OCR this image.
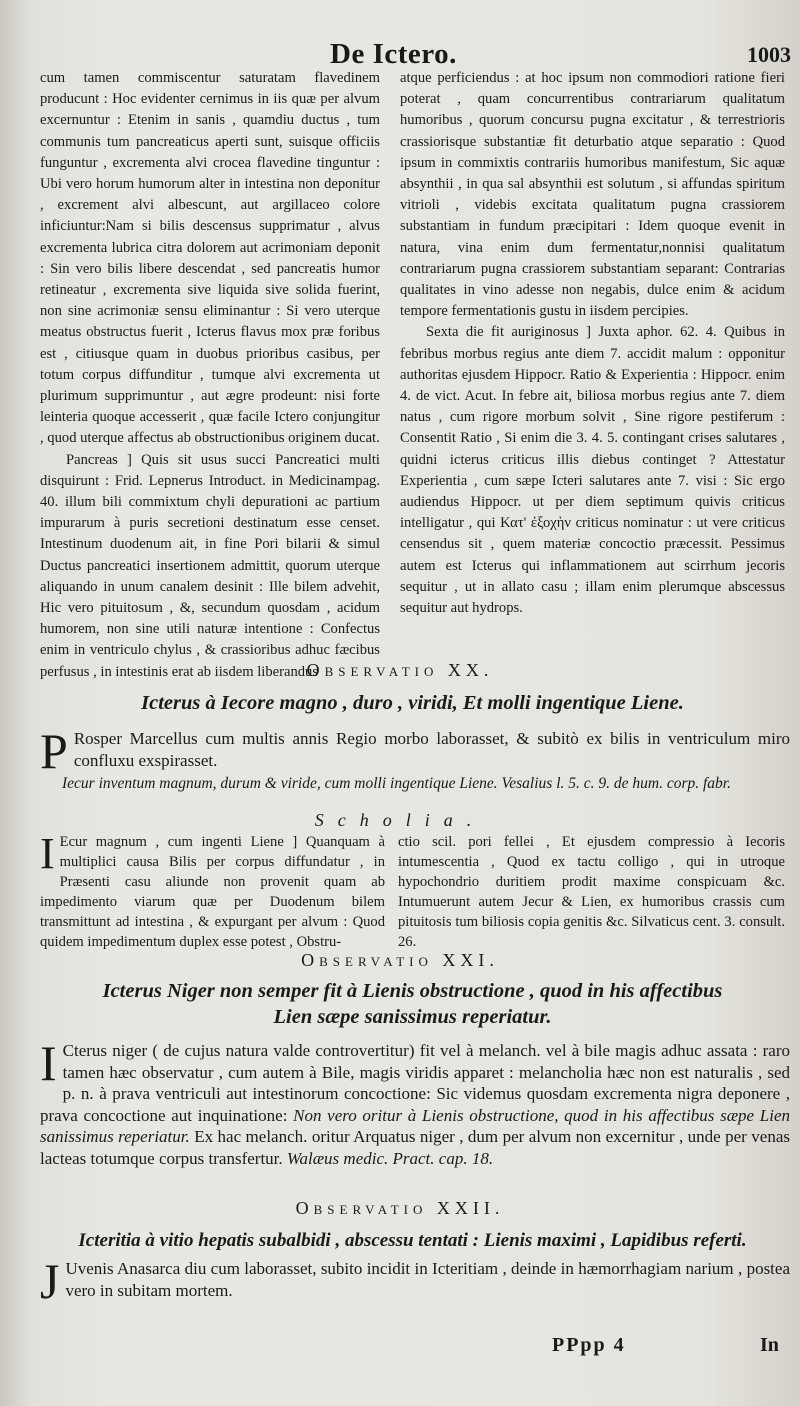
De Ictero.	1003

cum tamen commiscentur saturatam flavedinem producunt : Hoc evidenter cernimus in iis quæ per alvum excernuntur : Etenim in sanis , quamdiu ductus , tum communis tum pancreaticus aperti sunt, suisque officiis funguntur , excrementa alvi crocea flavedine tinguntur : Ubi vero horum humorum alter in intestina non deponitur , excrement alvi albescunt, aut argillaceo colore inficiuntur:Nam si bilis descensus supprimatur , alvus excrementa lubrica citra dolorem aut acrimoniam deponit : Sin vero bilis libere descendat , sed pancreatis humor retineatur , excrementa sive liquida sive solida fuerint, non sine acrimoniæ sensu eliminantur : Si vero uterque meatus obstructus fuerit , Icterus flavus mox præ foribus est , citiusque quam in duobus prioribus casibus, per totum corpus diffunditur , tumque alvi excrementa ut plurimum supprimuntur , aut ægre prodeunt: nisi forte leinteria quoque accesserit , quæ facile Ictero conjungitur , quod uterque affectus ab obstructionibus originem ducat.

Pancreas ] Quis sit usus succi Pancreatici multi disquirunt : Frid. Lepnerus Introduct. in Medicinampag. 40. illum bili commixtum chyli depurationi ac partium impurarum à puris secretioni destinatum esse censet. Intestinum duodenum ait, in fine Pori bilarii & simul Ductus pancreatici insertionem admittit, quorum uterque aliquando in unum canalem desinit : Ille bilem advehit, Hic vero pituitosum , &, secundum quosdam , acidum humorem, non sine utili naturæ intentione : Confectus enim in ventriculo chylus , & crassioribus adhuc fæcibus perfusus , in intestinis erat ab iisdem liberandus

atque perficiendus : at hoc ipsum non commodiori ratione fieri poterat , quam concurrentibus contrariarum qualitatum humoribus , quorum concursu pugna excitatur , & terrestrioris crassiorisque substantiæ fit deturbatio atque separatio : Quod ipsum in commixtis contrariis humoribus manifestum, Sic aquæ absynthii , in qua sal absynthii est solutum , si affundas spiritum vitrioli , videbis excitata qualitatum pugna crassiorem substantiam in fundum præcipitari : Idem quoque evenit in natura, vina enim dum fermentatur,nonnisi qualitatum contrariarum pugna crassiorem substantiam separant: Contrarias qualitates in vino adesse non negabis, dulce enim & acidum tempore fermentationis gustu in iisdem percipies.

Sexta die fit auriginosus ] Juxta aphor. 62. 4. Quibus in febribus morbus regius ante diem 7. accidit malum : opponitur authoritas ejusdem Hippocr. Ratio & Experientia : Hippocr. enim 4. de vict. Acut. In febre ait, biliosa morbus regius ante 7. diem natus , cum rigore morbum solvit , Sine rigore pestiferum : Consentit Ratio , Si enim die 3. 4. 5. contingant crises salutares , quidni icterus criticus illis diebus continget ? Attestatur Experientia , cum sæpe Icteri salutares ante 7. visi : Sic ergo audiendus Hippocr. ut per diem septimum quivis criticus intelligatur , qui Κατ' ἐξοχὴν criticus nominatur : ut vere criticus censendus sit , quem materiæ concoctio præcessit. Pessimus autem est Icterus qui inflammationem aut scirrhum jecoris sequitur , ut in allato casu ; illam enim plerumque abscessus sequitur aut hydrops.

Observatio XX.
Icterus à Iecore magno , duro , viridi, Et molli ingentique Liene.

P Rosper Marcellus cum multis annis Regio morbo laborasset, & subitò ex bilis in ventriculum miro confluxu exspirasset.

Iecur inventum magnum, durum & viride, cum molli ingentique Liene. Vesalius l. 5. c. 9. de hum. corp. fabr.

Scholia.
I Ecur magnum , cum ingenti Liene ] Quanquam à multiplici causa Bilis per corpus diffundatur , in Præsenti casu aliunde non provenit quam ab impedimento viarum quæ per Duodenum bilem transmittunt ad intestina , & expurgant per alvum : Quod quidem impedimentum duplex esse potest , Obstru-
ctio scil. pori fellei , Et ejusdem compressio à Iecoris intumescentia , Quod ex tactu colligo , qui in utroque hypochondrio duritiem prodit maxime conspicuam &c. Intumuerunt autem Jecur & Lien, ex humoribus crassis cum pituitosis tum biliosis copia genitis &c. Silvaticus cent. 3. consult. 26.
Observatio XXI.
Icterus Niger non semper fit à Lienis obstructione , quod in his affectibus
Lien sæpe sanissimus reperiatur.

I Cterus niger ( de cujus natura valde controvertitur) fit vel à melanch. vel à bile magis adhuc assata : raro tamen hæc observatur , cum autem à Bile, magis viridis apparet : melancholia hæc non est naturalis , sed p. n. à prava ventriculi aut intestinorum concoctione: Sic videmus quosdam excrementa nigra deponere , prava concoctione aut inquinatione: Non vero oritur à Lienis obstructione, quod in his affectibus sæpe Lien sanissimus reperiatur. Ex hac melanch. oritur Arquatus niger , dum per alvum non excernitur , unde per venas lacteas totumque corpus transfertur. Walæus medic. Pract. cap. 18.

Observatio XXII.
Icteritia à vitio hepatis subalbidi , abscessu tentati : Lienis maximi , Lapidibus referti.

J Uvenis Anasarca diu cum laborasset, subito incidit in Icteritiam , deinde in hæmorrhagiam narium , postea vero in subitam mortem.

PPpp 4	In
